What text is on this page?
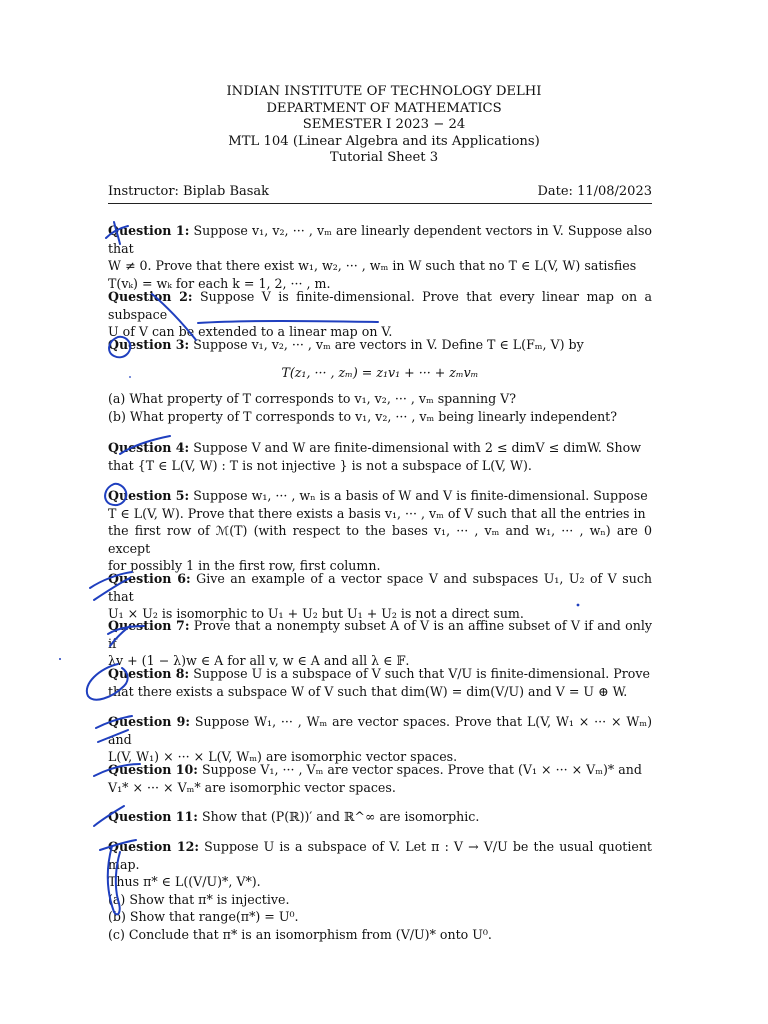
INDIAN INSTITUTE OF TECHNOLOGY DELHI
DEPARTMENT OF MATHEMATICS
SEMESTER I 2023 − 24
MTL 104 (Linear Algebra and its Applications)
Tutorial Sheet 3
Instructor: Biplab Basak	Date: 11/08/2023
Question 1: Suppose v₁, v₂, ··· , vₘ are linearly dependent vectors in V. Suppose also that
W ≠ 0. Prove that there exist w₁, w₂, ··· , wₘ in W such that no T ∈ L(V, W) satisfies
T(vₖ) = wₖ for each k = 1, 2, ··· , m.
Question 2: Suppose V is finite-dimensional. Prove that every linear map on a subspace
U of V can be extended to a linear map on V.
Question 3: Suppose v₁, v₂, ··· , vₘ are vectors in V. Define T ∈ L(Fₘ, V) by
T(z₁, ··· , zₘ) = z₁v₁ + ··· + zₘvₘ
(a) What property of T corresponds to v₁, v₂, ··· , vₘ spanning V?
(b) What property of T corresponds to v₁, v₂, ··· , vₘ being linearly independent?
Question 4: Suppose V and W are finite-dimensional with 2 ≤ dimV ≤ dimW. Show
that {T ∈ L(V, W) : T is not injective } is not a subspace of L(V, W).
Question 5: Suppose w₁, ··· , wₙ is a basis of W and V is finite-dimensional. Suppose
T ∈ L(V, W). Prove that there exists a basis v₁, ··· , vₘ of V such that all the entries in
the first row of ℳ(T) (with respect to the bases v₁, ··· , vₘ and w₁, ··· , wₙ) are 0 except
for possibly 1 in the first row, first column.
Question 6: Give an example of a vector space V and subspaces U₁, U₂ of V such that
U₁ × U₂ is isomorphic to U₁ + U₂ but U₁ + U₂ is not a direct sum.
Question 7: Prove that a nonempty subset A of V is an affine subset of V if and only if
λv + (1 − λ)w ∈ A for all v, w ∈ A and all λ ∈ 𝔽.
Question 8: Suppose U is a subspace of V such that V/U is finite-dimensional. Prove
that there exists a subspace W of V such that dim(W) = dim(V/U) and V = U ⊕ W.
Question 9: Suppose W₁, ··· , Wₘ are vector spaces. Prove that L(V, W₁ × ··· × Wₘ) and
L(V, W₁) × ··· × L(V, Wₘ) are isomorphic vector spaces.
Question 10: Suppose V₁, ··· , Vₘ are vector spaces. Prove that (V₁ × ··· × Vₘ)* and
V₁* × ··· × Vₘ* are isomorphic vector spaces.
Question 11: Show that (P(ℝ))′ and ℝ^∞ are isomorphic.
Question 12: Suppose U is a subspace of V. Let π : V → V/U be the usual quotient map.
Thus π* ∈ L((V/U)*, V*).
(a) Show that π* is injective.
(b) Show that range(π*) = U⁰.
(c) Conclude that π* is an isomorphism from (V/U)* onto U⁰.
